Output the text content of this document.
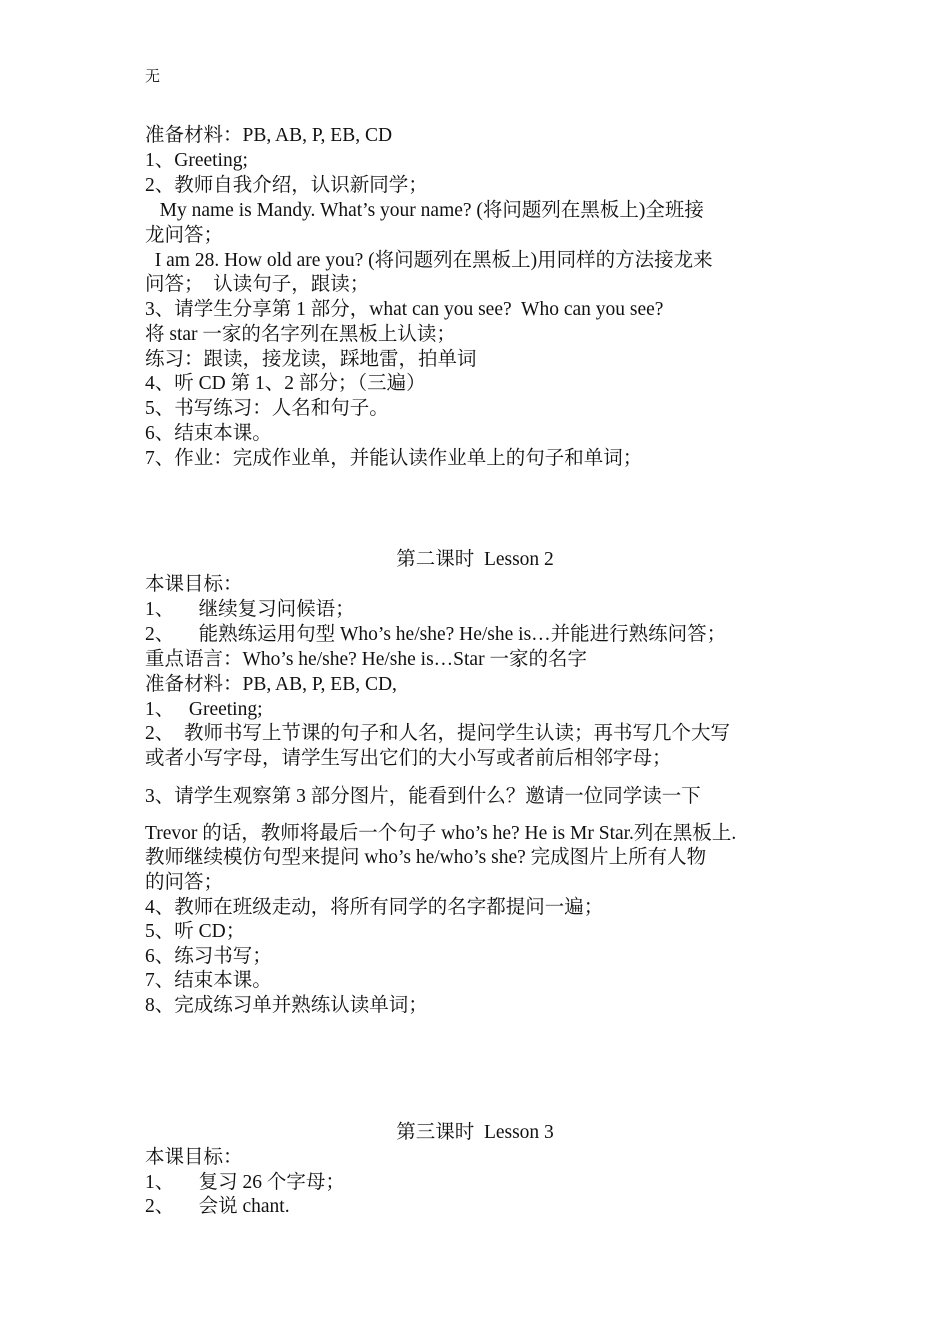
无
准备材料：PB, AB, P, EB, CD
1、Greeting;
2、教师自我介绍，认识新同学；
My name is Mandy. What’s your name? (将问题列在黑板上)全班接
龙问答；
I am 28. How old are you? (将问题列在黑板上)用同样的方法接龙来
问答；  认读句子，跟读；
3、请学生分享第 1 部分，what can you see?  Who can you see?
将 star 一家的名字列在黑板上认读；
练习：跟读，接龙读，踩地雷，拍单词
4、听 CD 第 1、2 部分；（三遍）
5、书写练习：人名和句子。
6、结束本课。
7、作业：完成作业单，并能认读作业单上的句子和单词；
第二课时  Lesson 2
本课目标：
1、     继续复习问候语；
2、     能熟练运用句型 Who’s he/she? He/she is…并能进行熟练问答；
重点语言：Who’s he/she? He/she is…Star 一家的名字
准备材料：PB, AB, P, EB, CD,
1、   Greeting;
2、  教师书写上节课的句子和人名，提问学生认读；再书写几个大写
或者小写字母，请学生写出它们的大小写或者前后相邻字母；
3、请学生观察第 3 部分图片，能看到什么？邀请一位同学读一下
Trevor 的话，教师将最后一个句子 who’s he? He is Mr Star.列在黑板上.
教师继续模仿句型来提问 who’s he/who’s she? 完成图片上所有人物
的问答；
4、教师在班级走动，将所有同学的名字都提问一遍；
5、听 CD；
6、练习书写；
7、结束本课。
8、完成练习单并熟练认读单词；
第三课时  Lesson 3
本课目标：
1、     复习 26 个字母；
2、     会说 chant.
